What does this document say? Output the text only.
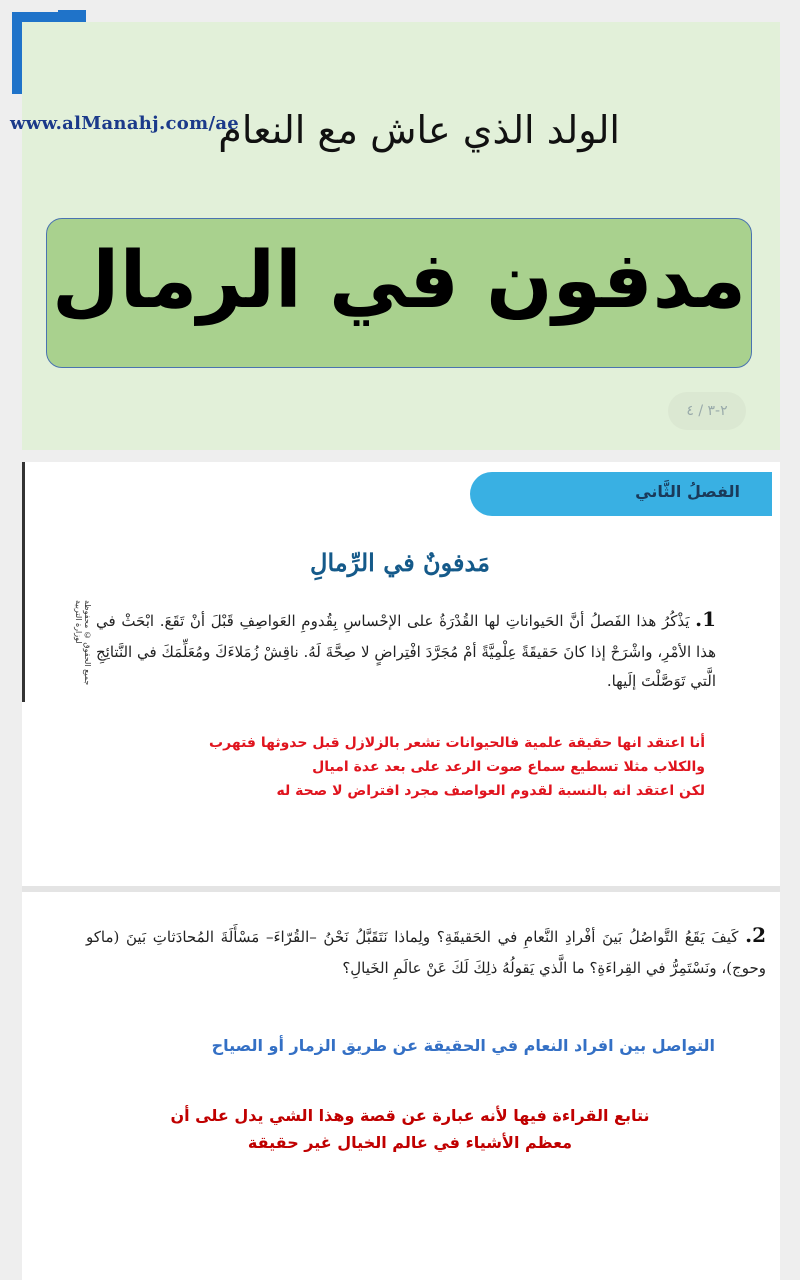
الولد الذي عاش مع النعام
www.alManahj.com/ae
مدفون في الرمال
٢-٣ / ٤
الفصلُ الثَّاني
مَدفونٌ في الرِّمالِ
جميع الحقوق © محفوظة لوزارة التربية	1. يَذْكُرُ هذا الفَصلُ أنَّ الحَيواناتِ لها القُدْرَةُ على الإحْساسِ بِقُدومِ العَواصِفِ قَبْلَ أنْ تَقَعَ. ابْحَثْ في هذا الأمْرِ، واشْرَحْ إذا كانَ حَقيقَةً عِلْمِيَّةً أمْ مُجَرَّدَ افْتِراضٍ لا صِحَّةَ لَهُ. ناقِشْ زُمَلاءَكَ ومُعَلِّمَكَ في النَّتائِجِ الَّتي تَوَصَّلْتَ إلَيها.
أنا اعتقد انها حقيقة علمية فالحيوانات تشعر بالزلازل قبل حدوثها فتهرب
والكلاب مثلا تسطيع سماع صوت الرعد على بعد عدة اميال
لكن اعتقد انه بالنسبة لقدوم العواصف مجرد افتراض لا صحة له
2. كَيفَ يَقَعُ التَّواصُلُ بَينَ أفْرادِ النَّعامِ في الحَقيقَةِ؟ ولِماذا نَتَقَبَّلُ نَحْنُ –القُرّاءَ– مَسْأَلَةَ المُحادَثاتِ بَينَ (ماكو وحوج)، ونَسْتَمِرُّ في القِراءَةِ؟ ما الَّذي يَقولُهُ ذلِكَ لَكَ عَنْ عالَمِ الخَيالِ؟
التواصل بين افراد النعام في الحقيقة عن طريق الزمار أو الصياح
نتابع القراءة فيها لأنه عبارة عن قصة وهذا الشي يدل على أن
معظم الأشياء في عالم الخيال غير حقيقة
